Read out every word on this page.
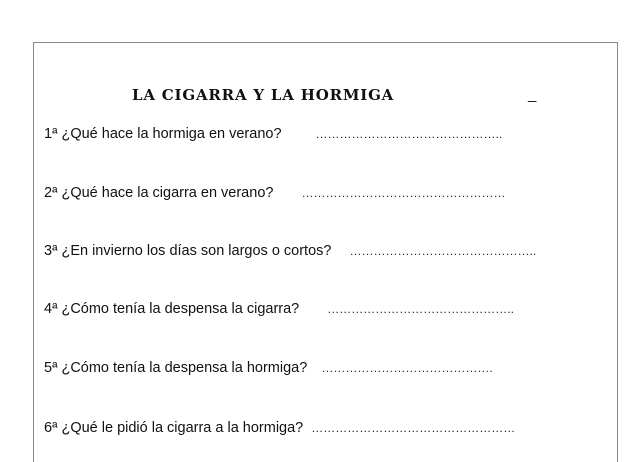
LA CIGARRA Y LA HORMIGA	_
1ª ¿Qué hace la hormiga en verano?	………………………………………..
2ª ¿Qué hace la cigarra en verano? ……………………………………………
3ª ¿En invierno los días son largos o cortos? ………………………………………..
4ª ¿Cómo tenía la despensa la cigarra? ………………………………………..
5ª ¿Cómo tenía la despensa la hormiga? …………………………………….
6ª ¿Qué le pidió la cigarra a la hormiga? ……………………………………………
